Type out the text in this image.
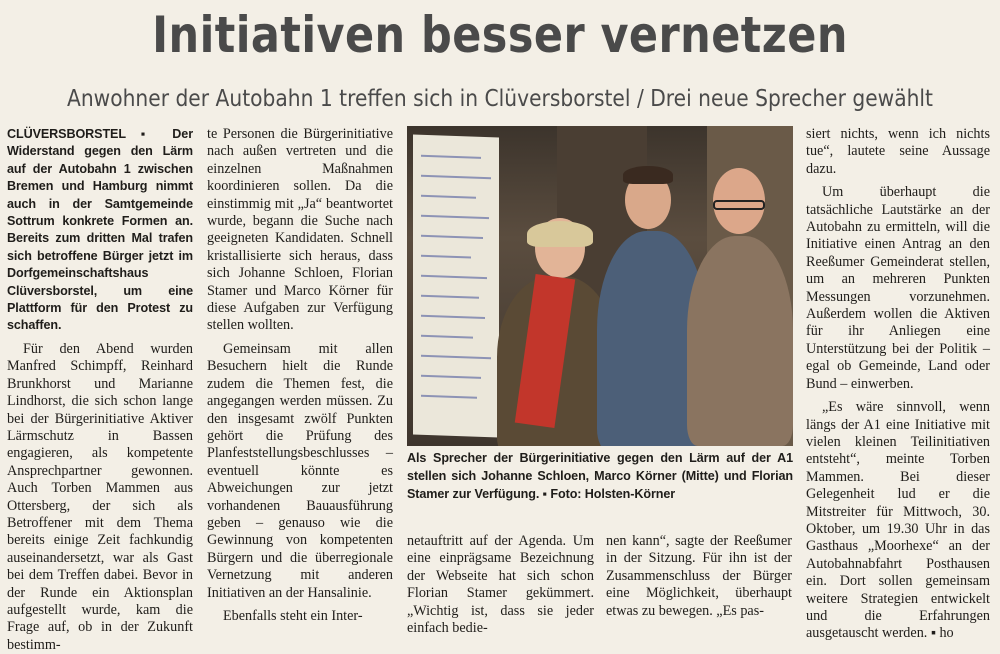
Initiativen besser vernetzen
Anwohner der Autobahn 1 treffen sich in Clüversborstel / Drei neue Sprecher gewählt

CLÜVERSBORSTEL ▪ Der Widerstand gegen den Lärm auf der Autobahn 1 zwischen Bremen und Hamburg nimmt auch in der Samtgemeinde Sottrum konkrete Formen an. Bereits zum dritten Mal trafen sich betroffene Bürger jetzt im Dorfgemeinschaftshaus Clüversborstel, um eine Plattform für den Protest zu schaffen.

Für den Abend wurden Manfred Schimpff, Reinhard Brunkhorst und Marianne Lindhorst, die sich schon lange bei der Bürgerinitiative Aktiver Lärmschutz in Bassen engagieren, als kompetente Ansprechpartner gewonnen. Auch Torben Mammen aus Ottersberg, der sich als Betroffener mit dem Thema bereits einige Zeit fachkundig auseinandersetzt, war als Gast bei dem Treffen dabei. Bevor in der Runde ein Aktionsplan aufgestellt wurde, kam die Frage auf, ob in der Zukunft bestimm-

te Personen die Bürgerinitiative nach außen vertreten und die einzelnen Maßnahmen koordinieren sollen. Da die einstimmig mit „Ja“ beantwortet wurde, begann die Suche nach geeigneten Kandidaten. Schnell kristallisierte sich heraus, dass sich Johanne Schloen, Florian Stamer und Marco Körner für diese Aufgaben zur Verfügung stellen wollten.

Gemeinsam mit allen Besuchern hielt die Runde zudem die Themen fest, die angegangen werden müssen. Zu den insgesamt zwölf Punkten gehört die Prüfung des Planfeststellungsbeschlusses – eventuell könnte es Abweichungen zur jetzt vorhandenen Bauausführung geben – genauso wie die Gewinnung von kompetenten Bürgern und die überregionale Vernetzung mit anderen Initiativen an der Hansalinie.

Ebenfalls steht ein Inter-

Als Sprecher der Bürgerinitiative gegen den Lärm auf der A1 stellen sich Johanne Schloen, Marco Körner (Mitte) und Florian Stamer zur Verfügung. ▪ Foto: Holsten-Körner

netauftritt auf der Agenda. Um eine einprägsame Bezeichnung der Webseite hat sich schon Florian Stamer gekümmert. „Wichtig ist, dass sie jeder einfach bedie-

nen kann“, sagte der Reeßumer in der Sitzung. Für ihn ist der Zusammenschluss der Bürger eine Möglichkeit, überhaupt etwas zu bewegen. „Es pas-

siert nichts, wenn ich nichts tue“, lautete seine Aussage dazu.

Um überhaupt die tatsächliche Lautstärke an der Autobahn zu ermitteln, will die Initiative einen Antrag an den Reeßumer Gemeinderat stellen, um an mehreren Punkten Messungen vorzunehmen. Außerdem wollen die Aktiven für ihr Anliegen eine Unterstützung bei der Politik – egal ob Gemeinde, Land oder Bund – einwerben.

„Es wäre sinnvoll, wenn längs der A1 eine Initiative mit vielen kleinen Teilinitiativen entsteht“, meinte Torben Mammen. Bei dieser Gelegenheit lud er die Mitstreiter für Mittwoch, 30. Oktober, um 19.30 Uhr in das Gasthaus „Moorhexe“ an der Autobahnabfahrt Posthausen ein. Dort sollen gemeinsam weitere Strategien entwickelt und die Erfahrungen ausgetauscht werden. ▪ ho
